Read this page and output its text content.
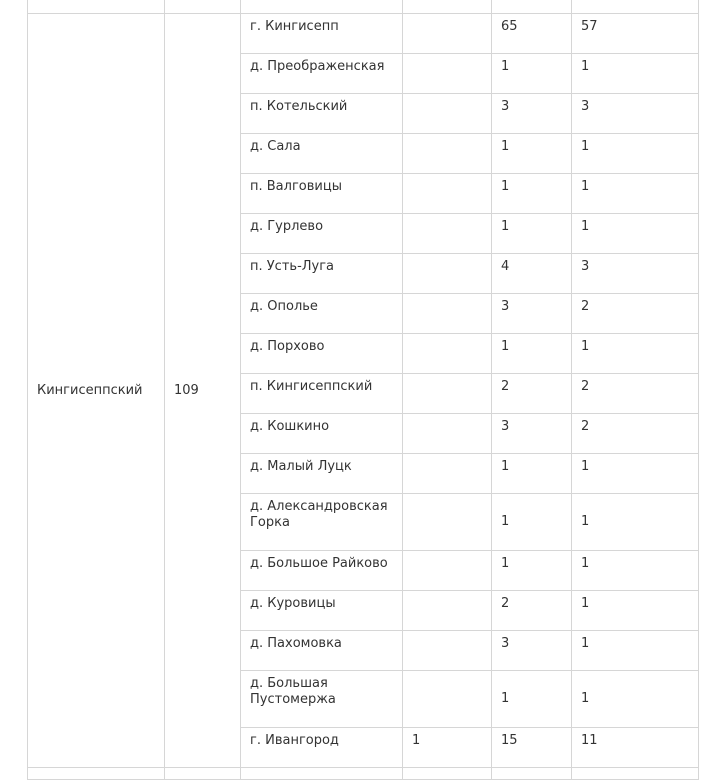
Кингисеппский	109	г. Кингисепп		65	57
		д. Преображенская		1	1
		п. Котельский		3	3
		д. Сала		1	1
		п. Валговицы		1	1
		д. Гурлево		1	1
		п. Усть-Луга		4	3
		д. Ополье		3	2
		д. Порхово		1	1
		п. Кингисеппский		2	2
		д. Кошкино		3	2
		д. Малый Луцк		1	1
		д. Александровская Горка		1	1
		д. Большое Райково		1	1
		д. Куровицы		2	1
		д. Пахомовка		3	1
		д. Большая Пустомержа		1	1
		г. Ивангород	1	15	11
